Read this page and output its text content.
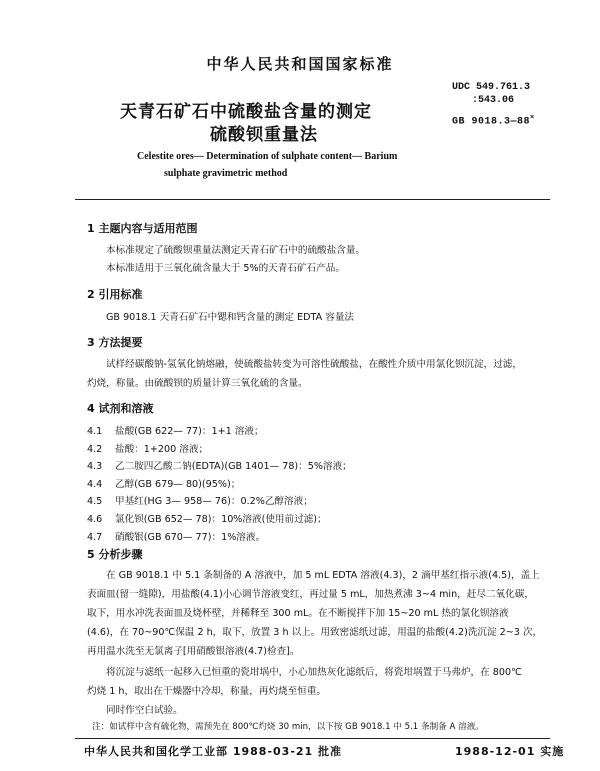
中华人民共和国国家标准
天青石矿石中硫酸盐含量的测定
硫酸钡重量法
UDC 549.761.3
:543.06
GB 9018.3—88×
Celestite ores— Determination of sulphate content— Barium
sulphate gravimetric method
1 主题内容与适用范围
本标准规定了硫酸钡重量法测定天青石矿石中的硫酸盐含量。
本标准适用于三氧化硫含量大于 5%的天青石矿石产品。
2 引用标准
GB 9018.1 天青石矿石中锶和钙含量的测定 EDTA 容量法
3 方法提要
试样经碳酸钠-氢氧化钠熔融，使硫酸盐转变为可溶性硫酸盐，在酸性介质中用氯化钡沉淀，过滤，
灼烧，称量。由硫酸钡的质量计算三氧化硫的含量。
4 试剂和溶液
4.1 盐酸(GB 622— 77)：1+1 溶液；
4.2 盐酸：1+200 溶液；
4.3 乙二胺四乙酸二钠(EDTA)(GB 1401— 78)：5%溶液；
4.4 乙醇(GB 679— 80)(95%)；
4.5 甲基红(HG 3— 958— 76)：0.2%乙醇溶液；
4.6 氯化钡(GB 652— 78)：10%溶液(使用前过滤)；
4.7 硝酸银(GB 670— 77)：1%溶液。
5 分析步骤
在 GB 9018.1 中 5.1 条制备的 A 溶液中，加 5 mL EDTA 溶液(4.3)，2 滴甲基红指示液(4.5)，盖上
表面皿(留一缝隙)，用盐酸(4.1)小心调节溶液变红，再过量 5 mL，加热煮沸 3~4 min，赶尽二氧化碳，
取下，用水冲洗表面皿及烧杯壁，并稀释至 300 mL。在不断搅拌下加 15~20 mL 热的氯化钡溶液
(4.6)，在 70~90℃保温 2 h，取下，放置 3 h 以上。用致密滤纸过滤，用温的盐酸(4.2)洗沉淀 2~3 次，
再用温水洗至无氯离子[用硝酸银溶液(4.7)检查]。
将沉淀与滤纸一起移入已恒重的瓷坩埚中，小心加热灰化滤纸后，将瓷坩埚置于马弗炉，在 800℃
灼烧 1 h，取出在干燥器中冷却，称量，再灼烧至恒重。
同时作空白试验。
注：如试样中含有硫化物，需预先在 800℃灼烧 30 min，以下按 GB 9018.1 中 5.1 条制备 A 溶液。
中华人民共和国化学工业部 1988-03-21 批准	1988-12-01 实施
